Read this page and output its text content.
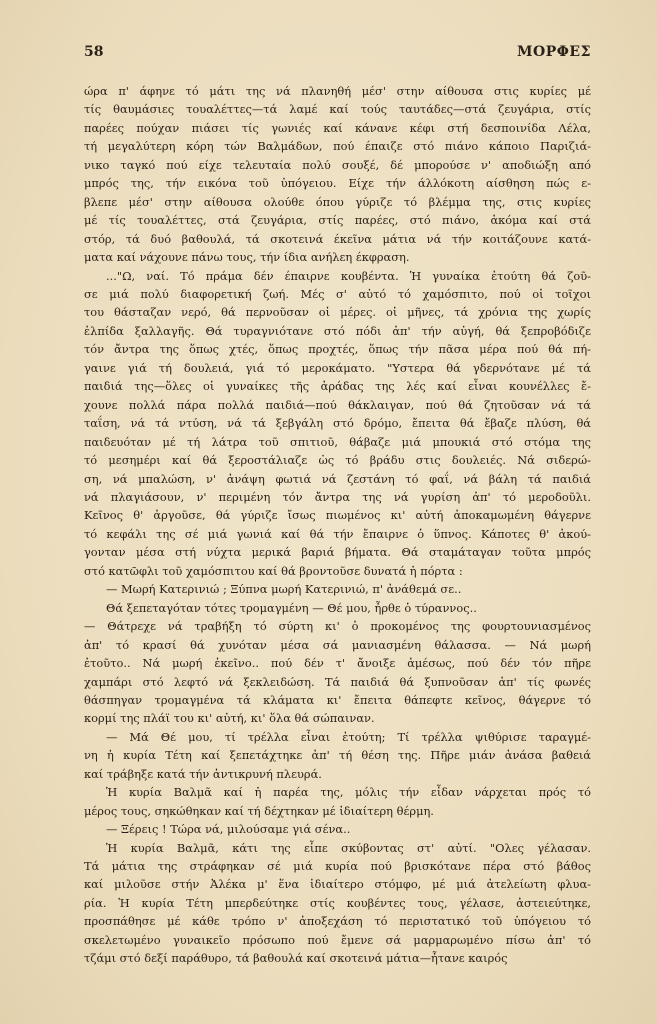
58	ΜΟΡΦΕΣ
ώρα π' άφηνε τό μάτι της νά πλανηθή μέσ' στην αίθουσα στις κυρίες μέ
τίς θαυμάσιες τουαλέττες—τά λαμέ καί τούς ταυτάδες—στά ζευγάρια, στίς
παρέες πούχαν πιάσει τίς γωνιές καί κάνανε κέφι στή δεσποινίδα Λέλα,
τή μεγαλύτερη κόρη τών Βαλμάδων, πού έπαιζε στό πιάνο κάποιο Παριζιά-
νικο ταγκό πού είχε τελευταία πολύ σουξέ, δέ μπορούσε ν' αποδιώξη από
μπρός της, τήν εικόνα τοῦ ὑπόγειου. Είχε τήν άλλόκοτη αίσθηση πώς ε-
βλεπε μέσ' στην αίθουσα ολούθε όπου γύριζε τό βλέμμα της, στις κυρίες
μέ τίς τουαλέττες, στά ζευγάρια, στίς παρέες, στό πιάνο, ἀκόμα καί στά
στόρ, τά δυό βαθουλά, τά σκοτεινά έκεῖνα μάτια νά τήν κοιτάζουνε κατά-
ματα καί νάχουνε πάνω τους, τήν ίδια ανήλεη έκφραση.
..."Ω, ναί. Τό πράμα δέν έπαιρνε κουβέντα. Ἡ γυναίκα ἐτούτη θά ζοῦ-
σε μιά πολύ διαφορετική ζωή. Μές σ' αὐτό τό χαμόσπιτο, πού οἱ τοῖχοι
του θάσταζαν νερό, θά περνοῦσαν οἱ μέρες. οἱ μῆνες, τά χρόνια της χωρίς
ἐλπίδα ξαλλαγῆς. Θά τυραγνιότανε στό πόδι ἀπ' τήν αὐγή, θά ξεπροβόδιζε
τόν ἄντρα της ὅπως χτές, ὅπως προχτές, ὅπως τήν πᾶσα μέρα πού θά πή-
γαινε γιά τή δουλειά, γιά τό μεροκάματο. "Υστερα θά γδερνότανε μέ τά
παιδιά της—ὅλες οἱ γυναίκες τῆς ἀράδας της λές καί εἶναι κουνέλλες ἔ-
χουνε πολλά πάρα πολλά παιδιά—πού θάκλαιγαν, πού θά ζητοῦσαν νά τά
ταΐση, νά τά ντύση, νά τά ξεβγάλη στό δρόμο, ἔπειτα θά ἔβαζε πλύση, θά
παιδευόταν μέ τή λάτρα τοῦ σπιτιοῦ, θάβαζε μιά μπουκιά στό στόμα της
τό μεσημέρι καί θά ξεροστάλιαζε ὡς τό βράδυ στις δουλειές. Νά σιδερώ-
ση, νά μπαλώση, ν' ἀνάψη φωτιά νά ζεστάνη τό φαΐ, νά βάλη τά παιδιά
νά πλαγιάσουν, ν' περιμένη τόν ἄντρα της νά γυρίση ἀπ' τό μεροδοῦλι.
Κεῖνος θ' ἀργοῦσε, θά γύριζε ἴσως πιωμένος κι' αὐτή ἀποκαμωμένη θάγερνε
τό κεφάλι της σέ μιά γωνιά καί θά τήν ἔπαιρνε ὁ ὕπνος. Κάποτες θ' ἀκού-
γονταν μέσα στή νύχτα μερικά βαριά βήματα. Θά σταμάταγαν τοῦτα μπρός
στό κατῶφλι τοῦ χαμόσπιτου καί θά βροντοῦσε δυνατά ἡ πόρτα :
— Μωρή Κατερινιώ ; Ξύπνα μωρή Κατερινιώ, π' ἀνάθεμά σε..
Θά ξεπεταγόταν τότες τρομαγμένη — Θέ μου, ἦρθε ὁ τύραννος..
— Θάτρεχε νά τραβήξη τό σύρτη κι' ὁ προκομένος της φουρτουνιασμένος
ἀπ' τό κρασί θά χυνόταν μέσα σά μανιασμένη θάλασσα. — Νά μωρή
ἐτοῦτο.. Νά μωρή ἐκεῖνο.. πού δέν τ' ἄνοιξε ἀμέσως, πού δέν τόν πῆρε
χαμπάρι στό λεφτό νά ξεκλειδώση. Τά παιδιά θά ξυπνοῦσαν ἀπ' τίς φωνές
θάσπηγαν τρομαγμένα τά κλάματα κι' ἔπειτα θάπεφτε κεῖνος, θάγερνε τό
κορμί της πλάϊ του κι' αὐτή, κι' ὅλα θά σώπαιναν.
— Μά Θέ μου, τί τρέλλα εἶναι ἐτούτη; Τί τρέλλα ψιθύρισε ταραγμέ-
νη ἡ κυρία Τέτη καί ξεπετάχτηκε ἀπ' τή θέση της. Πῆρε μιάν ἀνάσα βαθειά
καί τράβηξε κατά τήν ἀντικρυνή πλευρά.
Ἡ κυρία Βαλμᾶ καί ἡ παρέα της, μόλις τήν εἶδαν νάρχεται πρός τό
μέρος τους, σηκώθηκαν καί τή δέχτηκαν μέ ἰδιαίτερη θέρμη.
— Ξέρεις ! Τώρα νά, μιλούσαμε γιά σένα..
Ἡ κυρία Βαλμᾶ, κάτι της εἶπε σκύβοντας στ' αὐτί. "Ολες γέλασαν.
Τά μάτια της στράφηκαν σέ μιά κυρία πού βρισκότανε πέρα στό βάθος
καί μιλοῦσε στήν Ἀλέκα μ' ἕνα ἰδιαίτερο στόμφο, μέ μιά ἀτελείωτη φλυα-
ρία. Ἡ κυρία Τέτη μπερδεύτηκε στίς κουβέντες τους, γέλασε, ἀστειεύτηκε,
προσπάθησε μέ κάθε τρόπο ν' ἀποξεχάση τό περιστατικό τοῦ ὑπόγειου τό
σκελετωμένο γυναικεῖο πρόσωπο πού ἔμενε σά μαρμαρωμένο πίσω ἀπ' τό
τζάμι στό δεξί παράθυρο, τά βαθουλά καί σκοτεινά μάτια—ἦτανε καιρός
